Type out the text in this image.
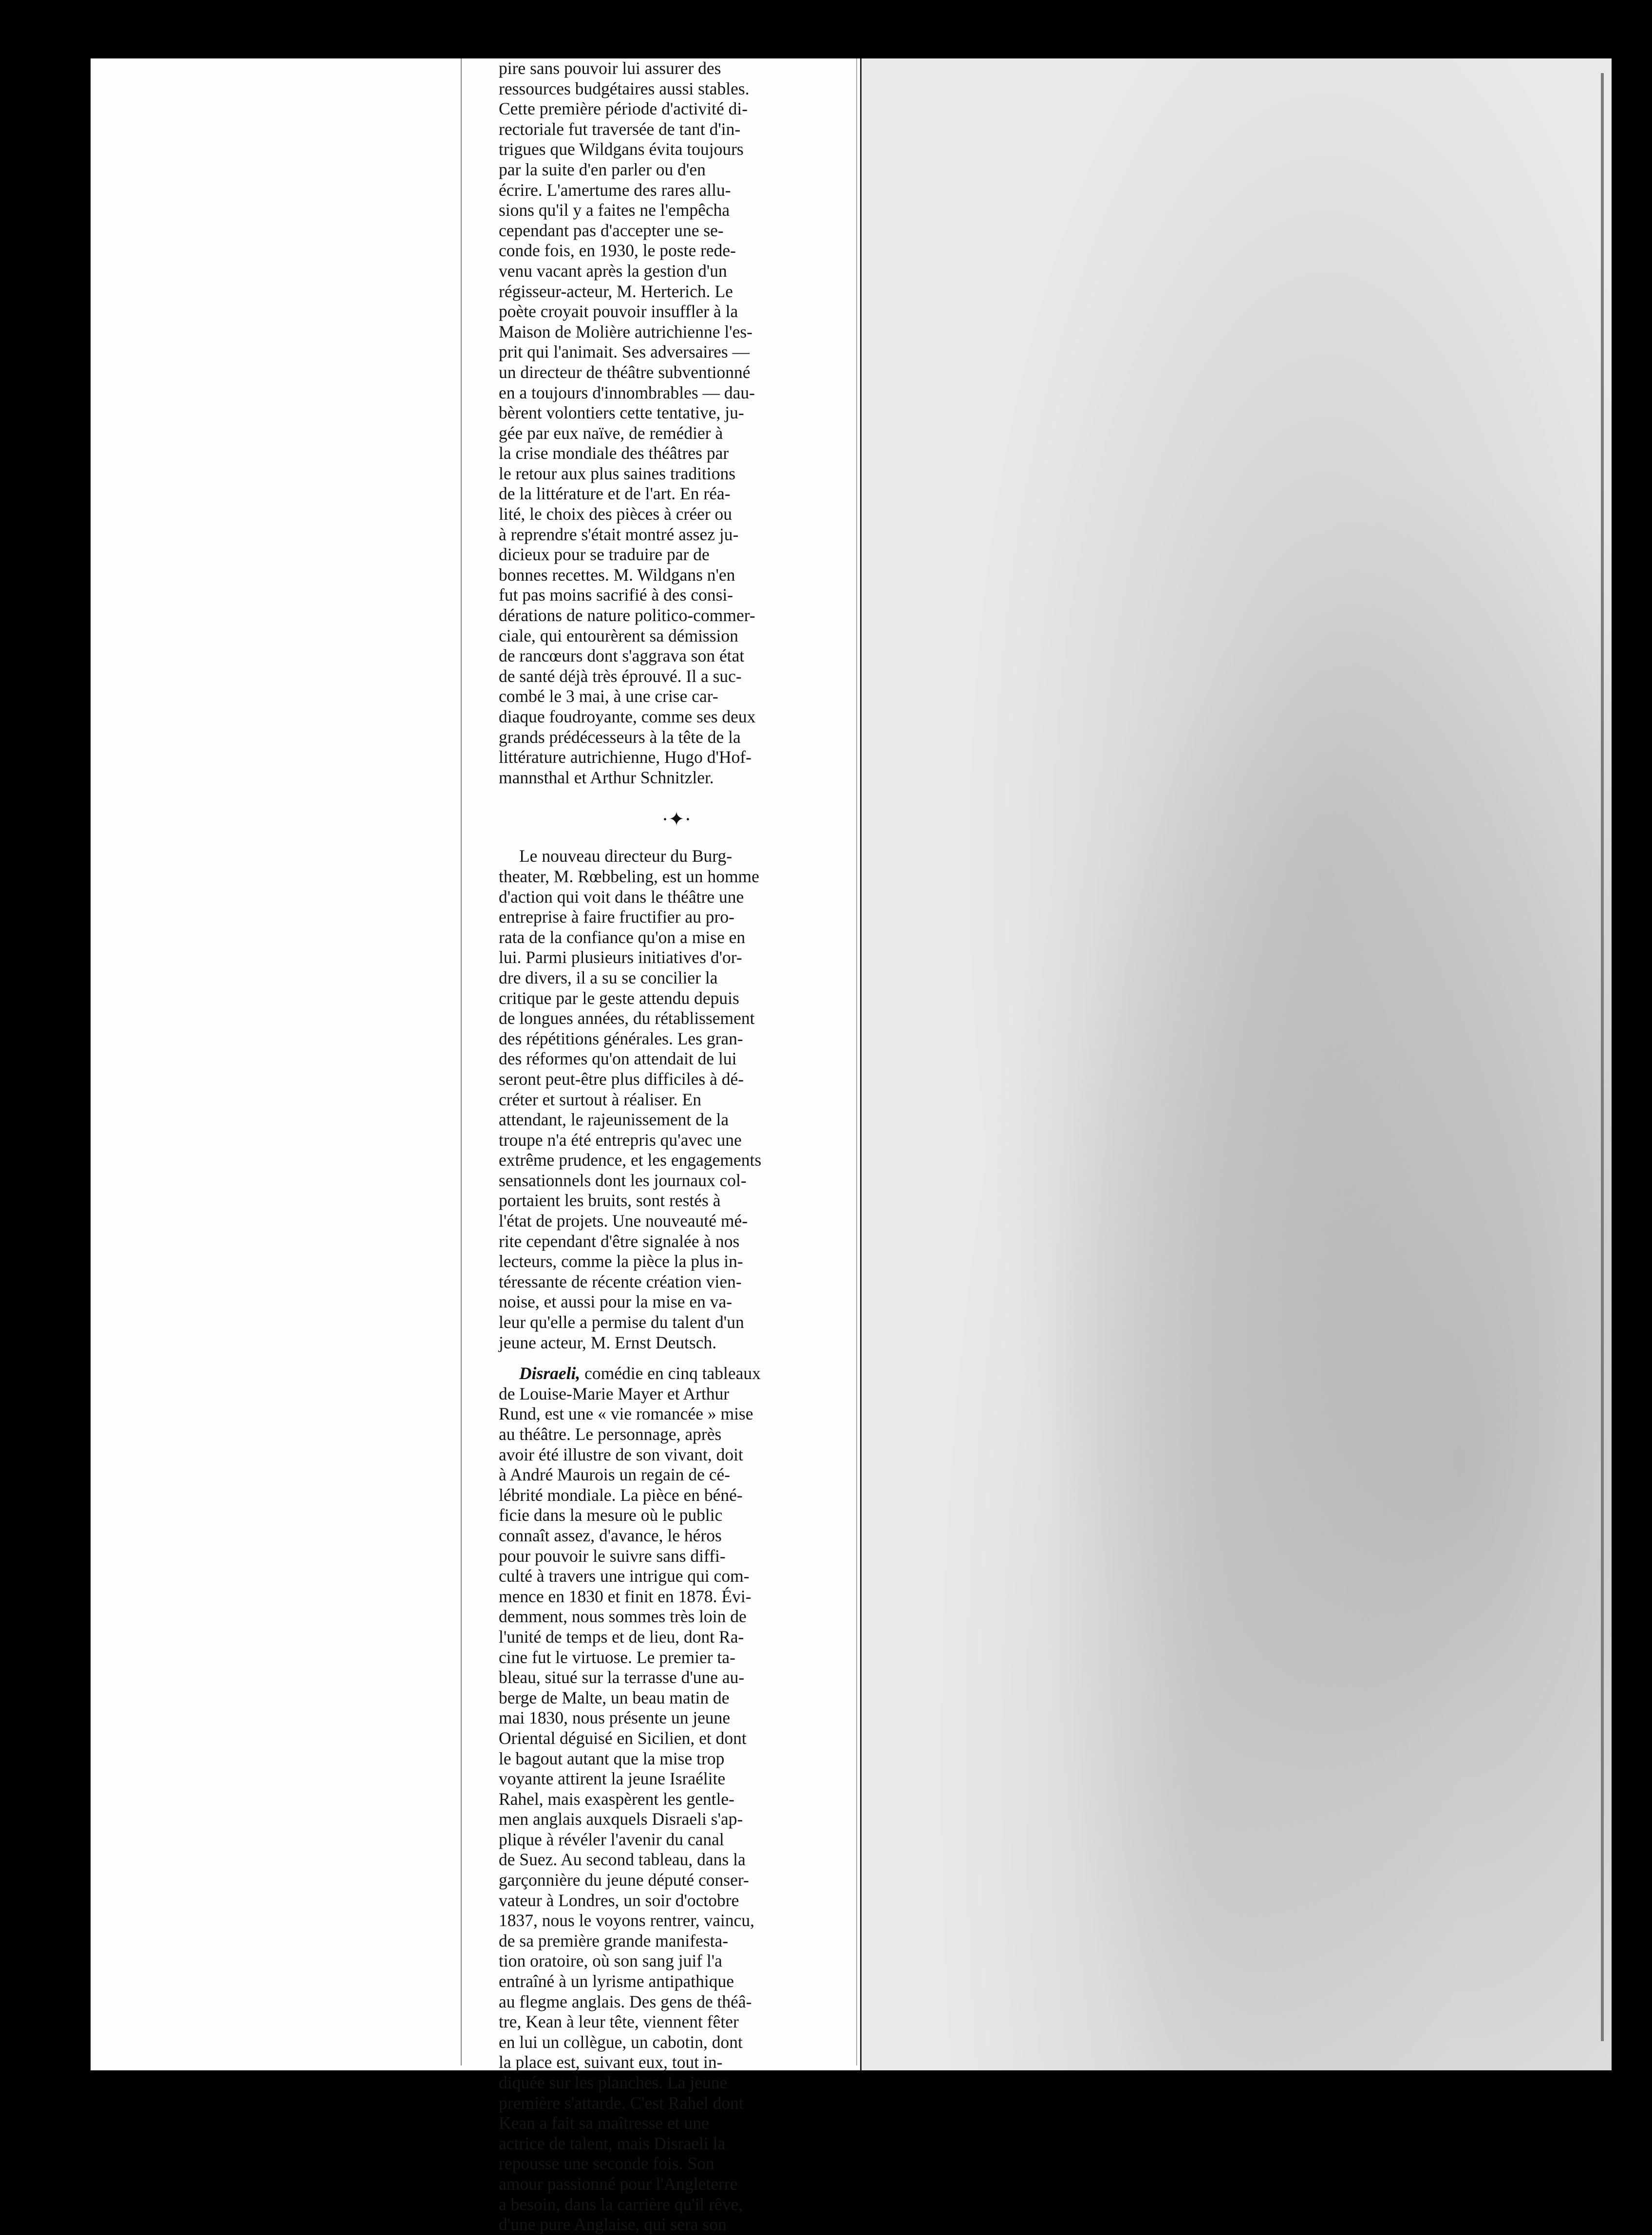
pire sans pouvoir lui assurer des

ressources budgétaires aussi stables.

Cette première période d'activité di-

rectoriale fut traversée de tant d'in-

trigues que Wildgans évita toujours

par la suite d'en parler ou d'en

écrire. L'amertume des rares allu-

sions qu'il y a faites ne l'empêcha

cependant pas d'accepter une se-

conde fois, en 1930, le poste rede-

venu vacant après la gestion d'un

régisseur-acteur, M. Herterich. Le

poète croyait pouvoir insuffler à la

Maison de Molière autrichienne l'es-

prit qui l'animait. Ses adversaires —

un directeur de théâtre subventionné

en a toujours d'innombrables — dau-

bèrent volontiers cette tentative, ju-

gée par eux naïve, de remédier à

la crise mondiale des théâtres par

le retour aux plus saines traditions

de la littérature et de l'art. En réa-

lité, le choix des pièces à créer ou

à reprendre s'était montré assez ju-

dicieux pour se traduire par de

bonnes recettes. M. Wildgans n'en

fut pas moins sacrifié à des consi-

dérations de nature politico-commer-

ciale, qui entourèrent sa démission

de rancœurs dont s'aggrava son état

de santé déjà très éprouvé. Il a suc-

combé le 3 mai, à une crise car-

diaque foudroyante, comme ses deux

grands prédécesseurs à la tête de la

littérature autrichienne, Hugo d'Hof-

mannsthal et Arthur Schnitzler.

·✦·

Le nouveau directeur du Burg-

theater, M. Rœbbeling, est un homme

d'action qui voit dans le théâtre une

entreprise à faire fructifier au pro-

rata de la confiance qu'on a mise en

lui. Parmi plusieurs initiatives d'or-

dre divers, il a su se concilier la

critique par le geste attendu depuis

de longues années, du rétablissement

des répétitions générales. Les gran-

des réformes qu'on attendait de lui

seront peut-être plus difficiles à dé-

créter et surtout à réaliser. En

attendant, le rajeunissement de la

troupe n'a été entrepris qu'avec une

extrême prudence, et les engagements

sensationnels dont les journaux col-

portaient les bruits, sont restés à

l'état de projets. Une nouveauté mé-

rite cependant d'être signalée à nos

lecteurs, comme la pièce la plus in-

téressante de récente création vien-

noise, et aussi pour la mise en va-

leur qu'elle a permise du talent d'un

jeune acteur, M. Ernst Deutsch.

Disraeli, comédie en cinq tableaux

de Louise-Marie Mayer et Arthur

Rund, est une « vie romancée » mise

au théâtre. Le personnage, après

avoir été illustre de son vivant, doit

à André Maurois un regain de cé-

lébrité mondiale. La pièce en béné-

ficie dans la mesure où le public

connaît assez, d'avance, le héros

pour pouvoir le suivre sans diffi-

culté à travers une intrigue qui com-

mence en 1830 et finit en 1878. Évi-

demment, nous sommes très loin de

l'unité de temps et de lieu, dont Ra-

cine fut le virtuose. Le premier ta-

bleau, situé sur la terrasse d'une au-

berge de Malte, un beau matin de

mai 1830, nous présente un jeune

Oriental déguisé en Sicilien, et dont

le bagout autant que la mise trop

voyante attirent la jeune Israélite

Rahel, mais exaspèrent les gentle-

men anglais auxquels Disraeli s'ap-

plique à révéler l'avenir du canal

de Suez. Au second tableau, dans la

garçonnière du jeune député conser-

vateur à Londres, un soir d'octobre

1837, nous le voyons rentrer, vaincu,

de sa première grande manifesta-

tion oratoire, où son sang juif l'a

entraîné à un lyrisme antipathique

au flegme anglais. Des gens de théâ-

tre, Kean à leur tête, viennent fêter

en lui un collègue, un cabotin, dont

la place est, suivant eux, tout in-

diquée sur les planches. La jeune

première s'attarde. C'est Rahel dont

Kean a fait sa maîtresse et une

actrice de talent, mais Disraeli la

repousse une seconde fois. Son

amour passionné pour l'Angleterre

a besoin, dans la carrière qu'il rêve,

d'une pure Anglaise, qui sera son
